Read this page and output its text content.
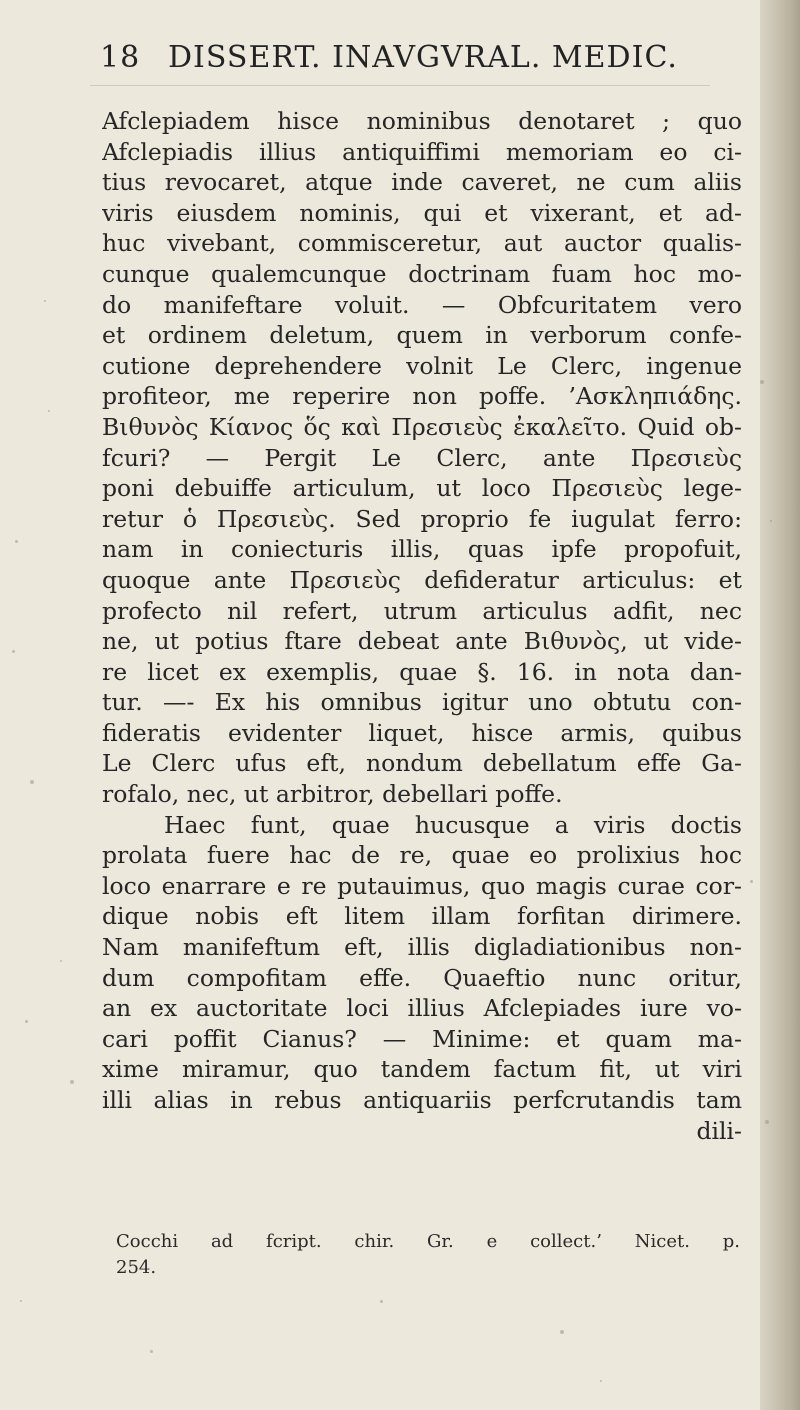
18 DISSERT. INAVGVRAL. MEDIC.
Afclepiadem hisce nominibus denotaret ; quo
Afclepiadis illius antiquiffimi memoriam eo ci-
tius revocaret, atque inde caveret, ne cum aliis
viris eiusdem nominis, qui et vixerant, et ad-
huc vivebant, commisceretur, aut auctor qualis-
cunque qualemcunque doctrinam fuam hoc mo-
do manifeftare voluit. — Obfcuritatem vero
et ordinem deletum, quem in verborum confe-
cutione deprehendere volnit Le Clerc, ingenue
profiteor, me reperire non poffe. ’Ασκληπιάδης.
Βιθυνὸς Κίανος ὅς καὶ Πρεσιεὺς ἐκαλεῖτο. Quid ob-
fcuri? — Pergit Le Clerc, ante Πρεσιεὺς
poni debuiffe articulum, ut loco Πρεσιεὺς lege-
retur ὁ Πρεσιεὺς. Sed proprio fe iugulat ferro:
nam in coniecturis illis, quas ipfe propofuit,
quoque ante Πρεσιεὺς defideratur articulus: et
profecto nil refert, utrum articulus adfit, nec
ne, ut potius ftare debeat ante Βιθυνὸς, ut vide-
re licet ex exemplis, quae §. 16. in nota dan-
tur. —- Ex his omnibus igitur uno obtutu con-
fideratis evidenter liquet, hisce armis, quibus
Le Clerc ufus eft, nondum debellatum effe Ga-
rofalo, nec, ut arbitror, debellari poffe.
Haec funt, quae hucusque a viris doctis
prolata fuere hac de re, quae eo prolixius hoc
loco enarrare e re putauimus, quo magis curae cor-
dique nobis eft litem illam forfitan dirimere.
Nam manifeftum eft, illis digladiationibus non-
dum compofitam effe. Quaeftio nunc oritur,
an ex auctoritate loci illius Afclepiades iure vo-
cari poffit Cianus? — Minime: et quam ma-
xime miramur, quo tandem factum fit, ut viri
illi alias in rebus antiquariis perfcrutandis tam
dili-
Cocchi ad fcript. chir. Gr. e collect.’ Nicet. p.
254.
